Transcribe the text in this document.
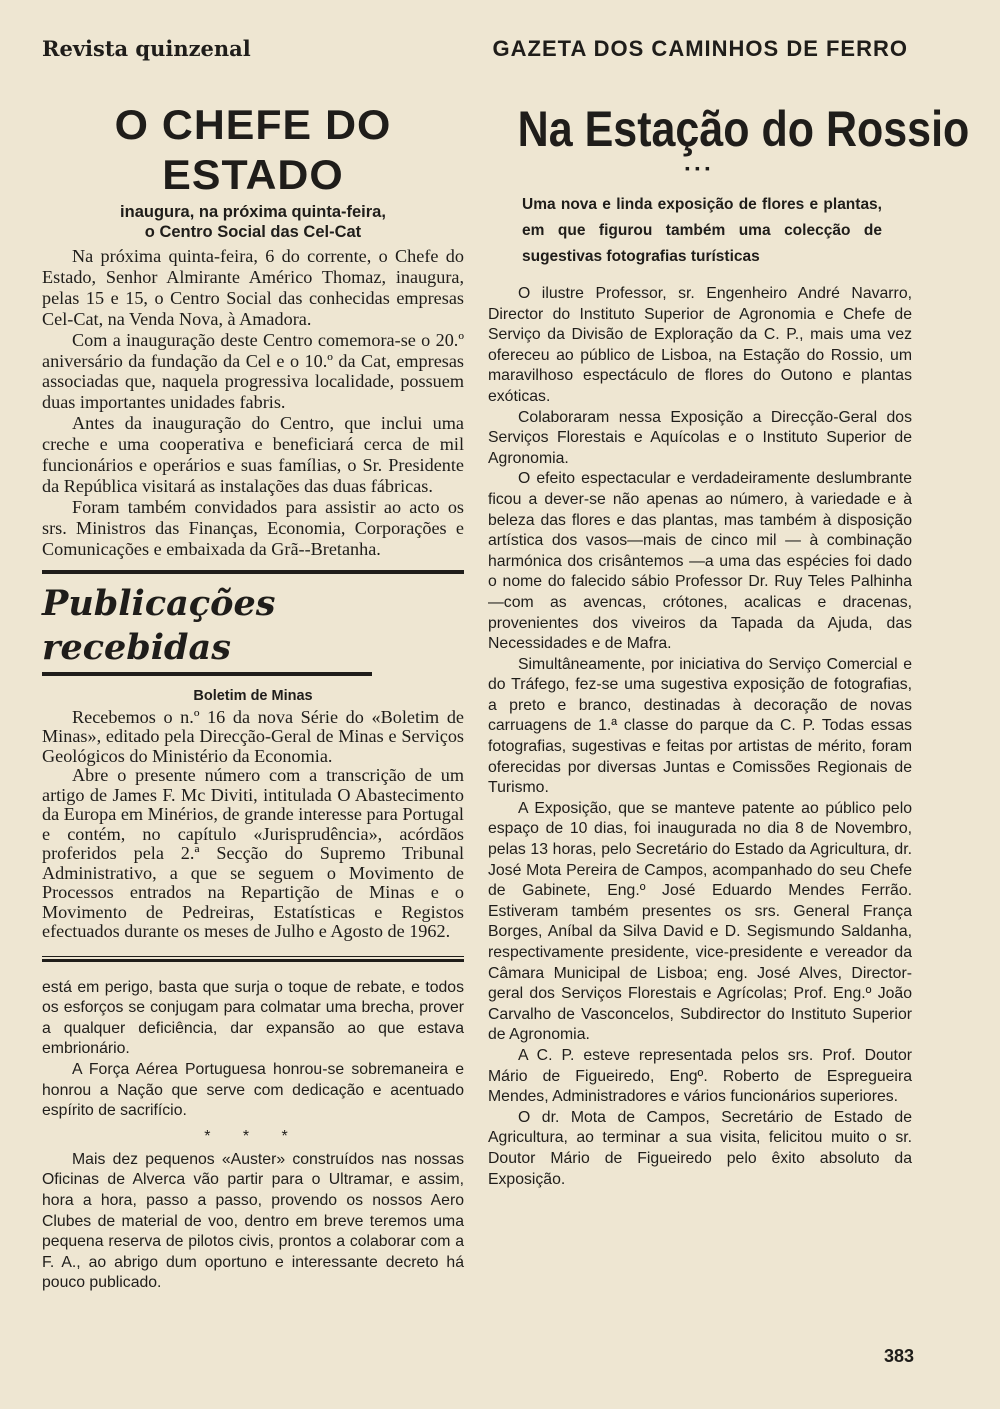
Revista quinzenal	GAZETA DOS CAMINHOS DE FERRO
O CHEFE DO ESTADO
inaugura, na próxima quinta-feira,
o Centro Social das Cel-Cat

Na próxima quinta-feira, 6 do corrente, o Chefe do Estado, Senhor Almirante Américo Thomaz, inaugura, pelas 15 e 15, o Centro Social das conhecidas empresas Cel-Cat, na Venda Nova, à Amadora.

Com a inauguração deste Centro comemora-se o 20.º aniversário da fundação da Cel e o 10.º da Cat, empresas associadas que, naquela progressiva localidade, possuem duas importantes unidades fabris.

Antes da inauguração do Centro, que inclui uma creche e uma cooperativa e beneficiará cerca de mil funcionários e operários e suas famílias, o Sr. Presidente da República visitará as instalações das duas fábricas.

Foram também convidados para assistir ao acto os srs. Ministros das Finanças, Economia, Corporações e Comunicações e embaixada da Grã--Bretanha.

Publicações recebidas
Boletim de Minas

Recebemos o n.º 16 da nova Série do «Boletim de Minas», editado pela Direcção-Geral de Minas e Serviços Geológicos do Ministério da Economia.

Abre o presente número com a transcrição de um artigo de James F. Mc Diviti, intitulada O Abastecimento da Europa em Minérios, de grande interesse para Portugal e contém, no capítulo «Jurisprudência», acórdãos proferidos pela 2.ª Secção do Supremo Tribunal Administrativo, a que se seguem o Movimento de Processos entrados na Repartição de Minas e o Movimento de Pedreiras, Estatísticas e Registos efectuados durante os meses de Julho e Agosto de 1962.

está em perigo, basta que surja o toque de rebate, e todos os esforços se conjugam para colmatar uma brecha, prover a qualquer deficiência, dar expansão ao que estava embrionário.

A Força Aérea Portuguesa honrou-se sobremaneira e honrou a Nação que serve com dedicação e acentuado espírito de sacrifício.

* * *

Mais dez pequenos «Auster» construídos nas nossas Oficinas de Alverca vão partir para o Ultramar, e assim, hora a hora, passo a passo, provendo os nossos Aero Clubes de material de voo, dentro em breve teremos uma pequena reserva de pilotos civis, prontos a colaborar com a F. A., ao abrigo dum oportuno e interessante decreto há pouco publicado.

Na Estação do Rossio
▪▪▪
Uma nova e linda exposição de flores e plantas, em que figurou também uma colecção de sugestivas fotografias turísticas

O ilustre Professor, sr. Engenheiro André Navarro, Director do Instituto Superior de Agronomia e Chefe de Serviço da Divisão de Exploração da C. P., mais uma vez ofereceu ao público de Lisboa, na Estação do Rossio, um maravilhoso espectáculo de flores do Outono e plantas exóticas.

Colaboraram nessa Exposição a Direcção-Geral dos Serviços Florestais e Aquícolas e o Instituto Superior de Agronomia.

O efeito espectacular e verdadeiramente deslumbrante ficou a dever-se não apenas ao número, à variedade e à beleza das flores e das plantas, mas também à disposição artística dos vasos—mais de cinco mil — à combinação harmónica dos crisântemos —a uma das espécies foi dado o nome do falecido sábio Professor Dr. Ruy Teles Palhinha—com as avencas, crótones, acalicas e dracenas, provenientes dos viveiros da Tapada da Ajuda, das Necessidades e de Mafra.

Simultâneamente, por iniciativa do Serviço Comercial e do Tráfego, fez-se uma sugestiva exposição de fotografias, a preto e branco, destinadas à decoração de novas carruagens de 1.ª classe do parque da C. P. Todas essas fotografias, sugestivas e feitas por artistas de mérito, foram oferecidas por diversas Juntas e Comissões Regionais de Turismo.

A Exposição, que se manteve patente ao público pelo espaço de 10 dias, foi inaugurada no dia 8 de Novembro, pelas 13 horas, pelo Secretário do Estado da Agricultura, dr. José Mota Pereira de Campos, acompanhado do seu Chefe de Gabinete, Eng.º José Eduardo Mendes Ferrão. Estiveram também presentes os srs. General França Borges, Aníbal da Silva David e D. Segismundo Saldanha, respectivamente presidente, vice-presidente e vereador da Câmara Municipal de Lisboa; eng. José Alves, Director-geral dos Serviços Florestais e Agrícolas; Prof. Eng.º João Carvalho de Vasconcelos, Subdirector do Instituto Superior de Agronomia.

A C. P. esteve representada pelos srs. Prof. Doutor Mário de Figueiredo, Engº. Roberto de Espregueira Mendes, Administradores e vários funcionários superiores.

O dr. Mota de Campos, Secretário de Estado de Agricultura, ao terminar a sua visita, felicitou muito o sr. Doutor Mário de Figueiredo pelo êxito absoluto da Exposição.

383
